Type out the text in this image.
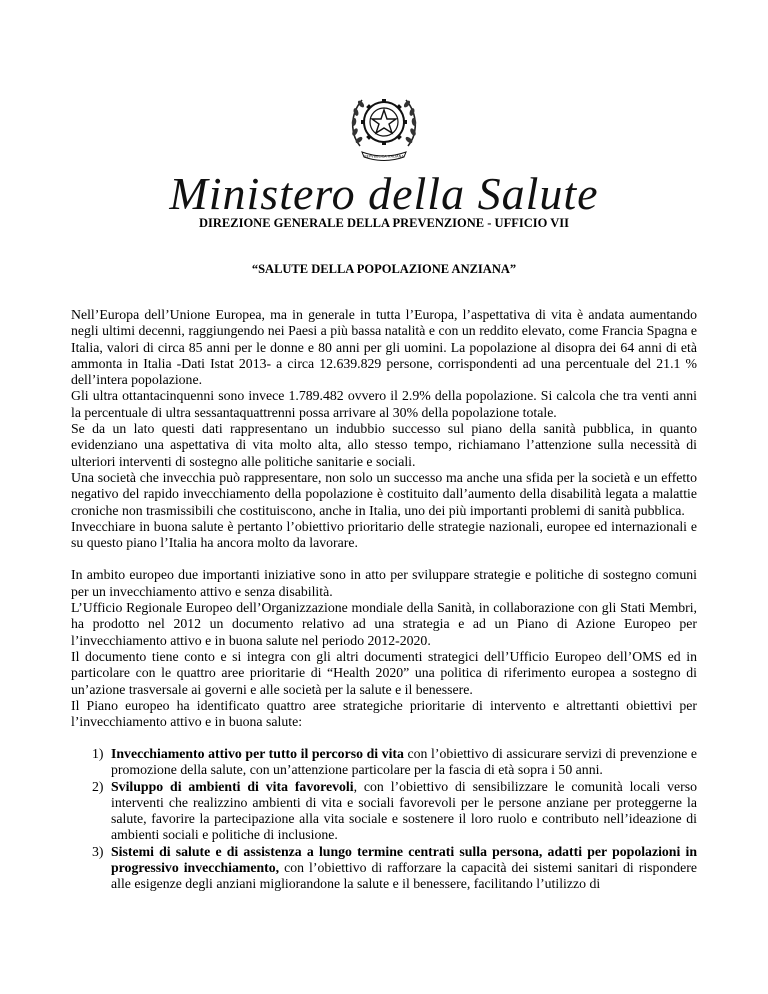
REPVBBLICA ITALIANA
Ministero della Salute
DIREZIONE GENERALE DELLA PREVENZIONE - UFFICIO VII
“SALUTE DELLA POPOLAZIONE ANZIANA”

Nell’Europa dell’Unione Europea, ma in generale in tutta l’Europa, l’aspettativa di vita è andata aumentando negli ultimi decenni, raggiungendo nei Paesi a più bassa natalità e con un reddito elevato, come Francia Spagna e Italia, valori di circa 85 anni per le donne e 80 anni per gli uomini. La popolazione al disopra dei 64 anni di età ammonta in Italia -Dati Istat 2013- a circa 12.639.829 persone, corrispondenti ad una percentuale del 21.1 % dell’intera popolazione.

Gli ultra ottantacinquenni sono invece 1.789.482 ovvero il 2.9% della popolazione. Si calcola che tra venti anni la percentuale di ultra sessantaquattrenni possa arrivare al 30% della popolazione totale.

Se da un lato questi dati rappresentano un indubbio successo sul piano della sanità pubblica, in quanto evidenziano una aspettativa di vita molto alta, allo stesso tempo, richiamano l’attenzione sulla necessità di ulteriori interventi di sostegno alle politiche sanitarie e sociali.

Una società che invecchia può rappresentare, non solo un successo ma anche una sfida per la società e un effetto negativo del rapido invecchiamento della popolazione è costituito dall’aumento della disabilità legata a malattie croniche non trasmissibili che costituiscono, anche in Italia, uno dei più importanti problemi di sanità pubblica.

Invecchiare in buona salute è pertanto l’obiettivo prioritario delle strategie nazionali, europee ed internazionali e su questo piano l’Italia ha ancora molto da lavorare.

In ambito europeo due importanti iniziative sono in atto per sviluppare strategie e politiche di sostegno comuni per un invecchiamento attivo e senza disabilità.

L’Ufficio Regionale Europeo dell’Organizzazione mondiale della Sanità, in collaborazione con gli Stati Membri, ha prodotto nel 2012 un documento relativo ad una strategia e ad un Piano di Azione Europeo per l’invecchiamento attivo e in buona salute nel periodo 2012-2020.

Il documento tiene conto e si integra con gli altri documenti strategici dell’Ufficio Europeo dell’OMS ed in particolare con le quattro aree prioritarie di “Health 2020” una politica di riferimento europea a sostegno di un’azione trasversale ai governi e alle società per la salute e il benessere.

Il Piano europeo ha identificato quattro aree strategiche prioritarie di intervento e altrettanti obiettivi per l’invecchiamento attivo e in buona salute:

1) Invecchiamento attivo per tutto il percorso di vita con l’obiettivo di assicurare servizi di prevenzione e promozione della salute, con un’attenzione particolare per la fascia di età sopra i 50 anni.
2) Sviluppo di ambienti di vita favorevoli, con l’obiettivo di sensibilizzare le comunità locali verso interventi che realizzino ambienti di vita e sociali favorevoli per le persone anziane per proteggerne la salute, favorire la partecipazione alla vita sociale e sostenere il loro ruolo e contributo nell’ideazione di ambienti sociali e politiche di inclusione.
3) Sistemi di salute e di assistenza a lungo termine centrati sulla persona, adatti per popolazioni in progressivo invecchiamento, con l’obiettivo di rafforzare la capacità dei sistemi sanitari di rispondere alle esigenze degli anziani migliorandone la salute e il benessere, facilitando l’utilizzo di
